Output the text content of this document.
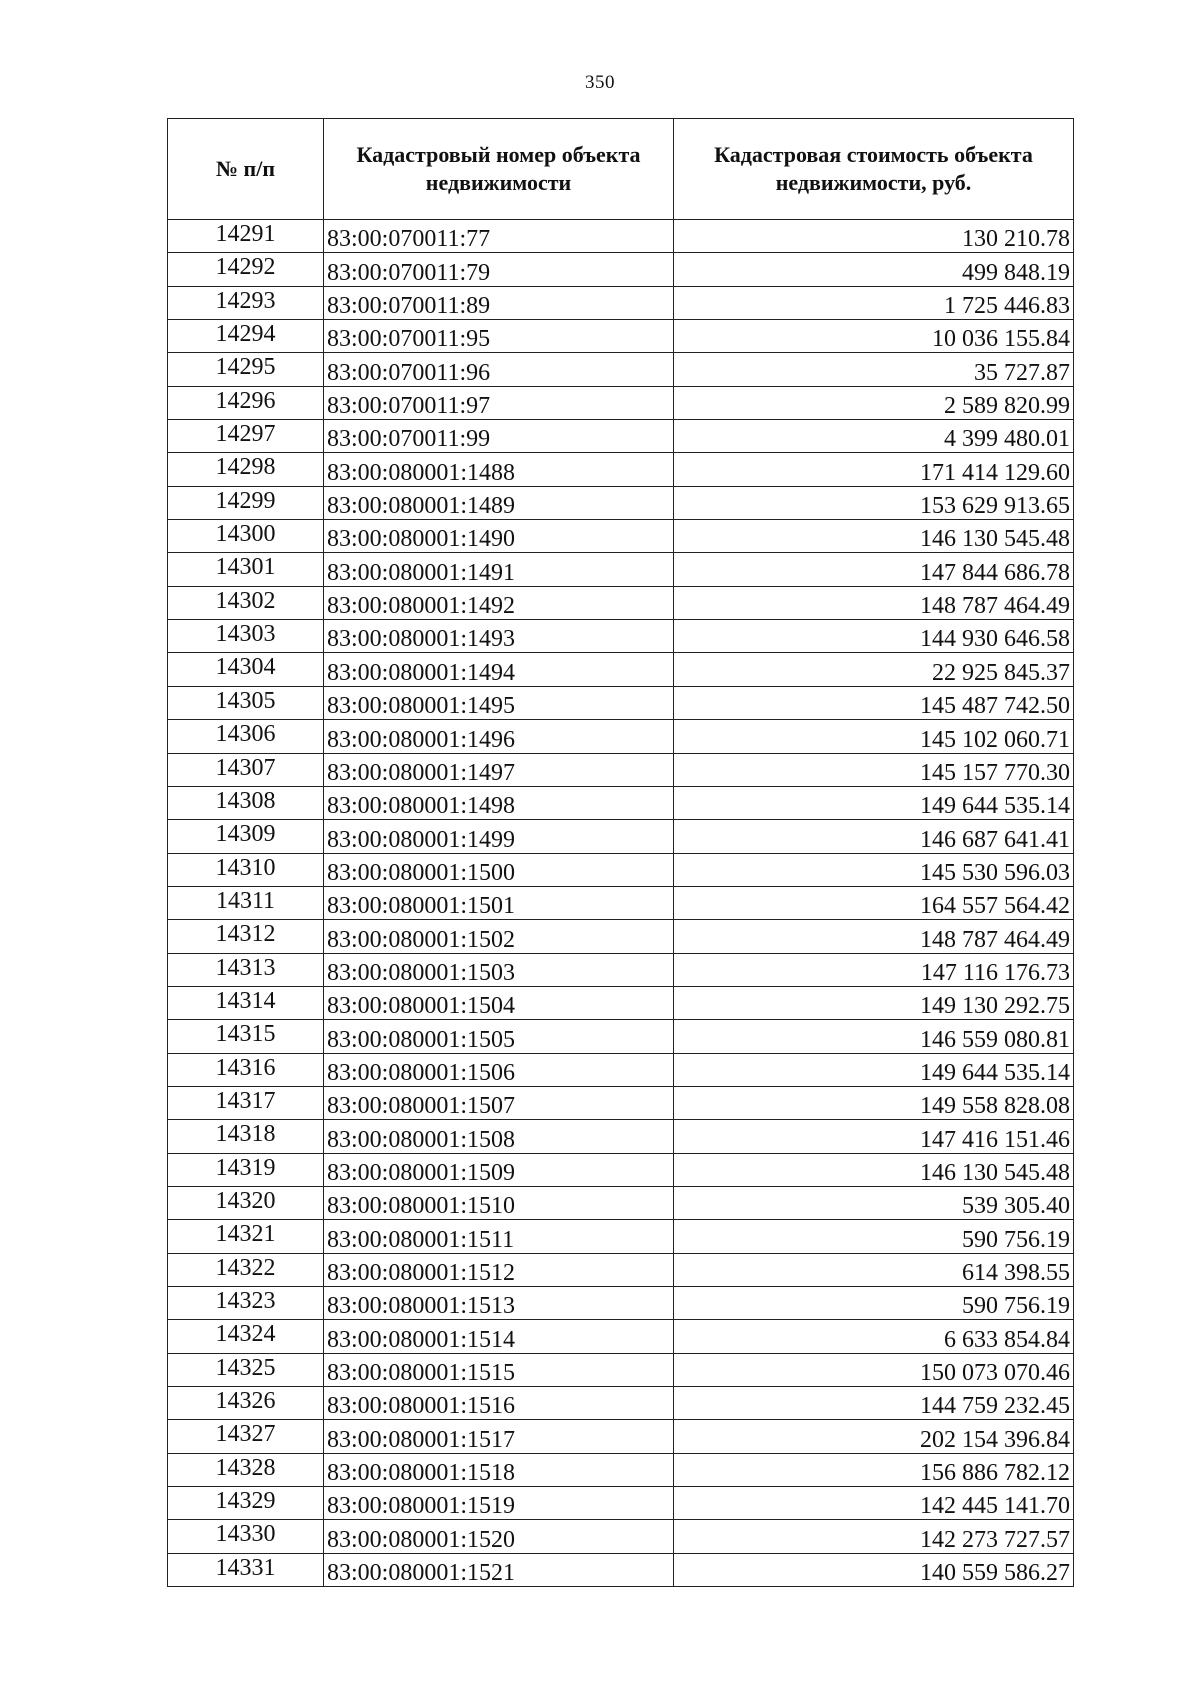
350
№ п/п	Кадастровый номер объекта недвижимости	Кадастровая стоимость объекта недвижимости, руб.
14291	83:00:070011:77	130 210.78
14292	83:00:070011:79	499 848.19
14293	83:00:070011:89	1 725 446.83
14294	83:00:070011:95	10 036 155.84
14295	83:00:070011:96	35 727.87
14296	83:00:070011:97	2 589 820.99
14297	83:00:070011:99	4 399 480.01
14298	83:00:080001:1488	171 414 129.60
14299	83:00:080001:1489	153 629 913.65
14300	83:00:080001:1490	146 130 545.48
14301	83:00:080001:1491	147 844 686.78
14302	83:00:080001:1492	148 787 464.49
14303	83:00:080001:1493	144 930 646.58
14304	83:00:080001:1494	22 925 845.37
14305	83:00:080001:1495	145 487 742.50
14306	83:00:080001:1496	145 102 060.71
14307	83:00:080001:1497	145 157 770.30
14308	83:00:080001:1498	149 644 535.14
14309	83:00:080001:1499	146 687 641.41
14310	83:00:080001:1500	145 530 596.03
14311	83:00:080001:1501	164 557 564.42
14312	83:00:080001:1502	148 787 464.49
14313	83:00:080001:1503	147 116 176.73
14314	83:00:080001:1504	149 130 292.75
14315	83:00:080001:1505	146 559 080.81
14316	83:00:080001:1506	149 644 535.14
14317	83:00:080001:1507	149 558 828.08
14318	83:00:080001:1508	147 416 151.46
14319	83:00:080001:1509	146 130 545.48
14320	83:00:080001:1510	539 305.40
14321	83:00:080001:1511	590 756.19
14322	83:00:080001:1512	614 398.55
14323	83:00:080001:1513	590 756.19
14324	83:00:080001:1514	6 633 854.84
14325	83:00:080001:1515	150 073 070.46
14326	83:00:080001:1516	144 759 232.45
14327	83:00:080001:1517	202 154 396.84
14328	83:00:080001:1518	156 886 782.12
14329	83:00:080001:1519	142 445 141.70
14330	83:00:080001:1520	142 273 727.57
14331	83:00:080001:1521	140 559 586.27
